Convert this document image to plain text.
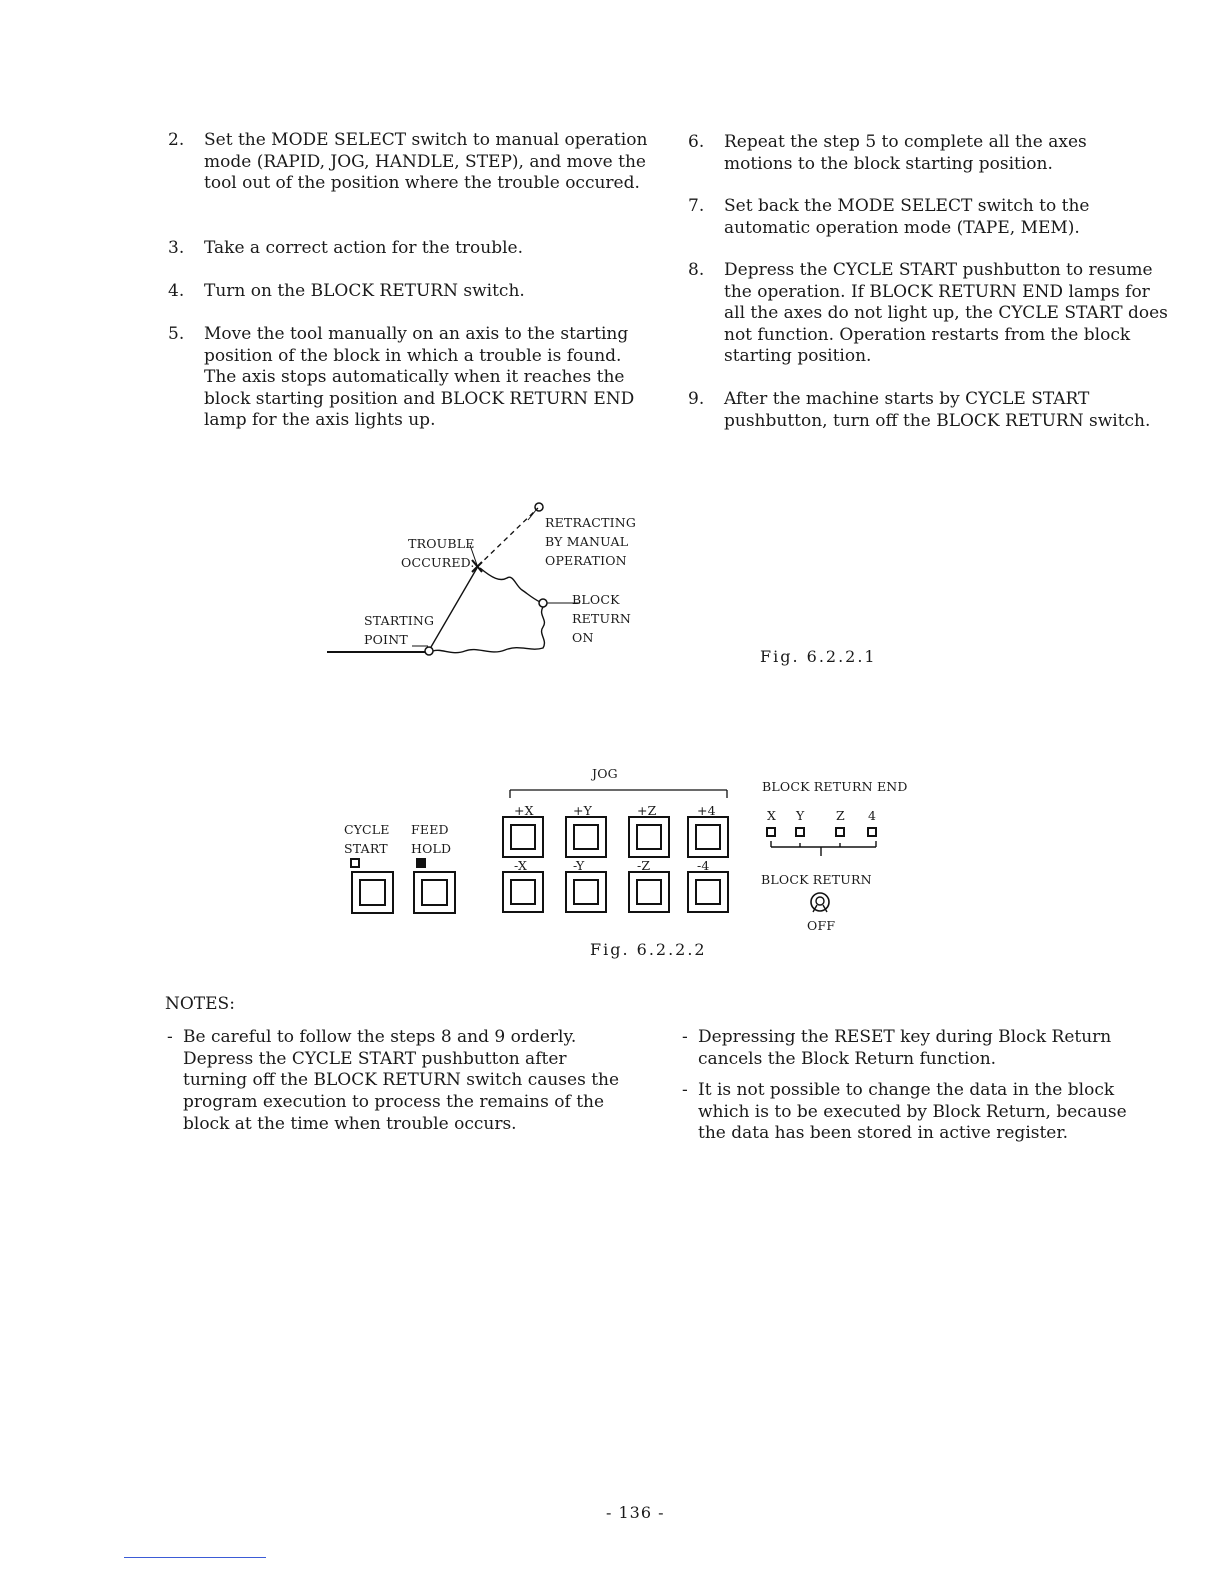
2.	Set the MODE SELECT switch to manual operation mode (RAPID, JOG, HANDLE, STEP), and move the tool out of the position where the trouble occured.
3.	Take a correct action for the trouble.
4.	Turn on the BLOCK RETURN switch.
5.	Move the tool manually on an axis to the starting position of the block in which a trouble is found. The axis stops automatically when it reaches the block starting position and BLOCK RETURN END lamp for the axis lights up.
6.	Repeat the step 5 to complete all the axes motions to the block starting position.
7.	Set back the MODE SELECT switch to the automatic operation mode (TAPE, MEM).
8.	Depress the CYCLE START pushbutton to resume the operation. If BLOCK RETURN END lamps for all the axes do not light up, the CYCLE START does not function. Operation restarts from the block starting position.
9.	After the machine starts by CYCLE START pushbutton, turn off the BLOCK RETURN switch.
TROUBLE
OCCURED.
RETRACTING
BY MANUAL
OPERATION
BLOCK
RETURN
ON
STARTING
POINT
Fig. 6.2.2.1
CYCLE
START
FEED
HOLD
JOG
+X	+Y	+Z	+4
-X	-Y	-Z	-4
BLOCK RETURN END
X Y	Z 4
BLOCK RETURN
OFF
Fig. 6.2.2.2
NOTES:
- Be careful to follow the steps 8 and 9 orderly. Depress the CYCLE START pushbutton after turning off the BLOCK RETURN switch causes the program execution to process the remains of the block at the time when trouble occurs.
- Depressing the RESET key during Block Return cancels the Block Return function.
- It is not possible to change the data in the block which is to be executed by Block Return, because the data has been stored in active register.
- 136 -
